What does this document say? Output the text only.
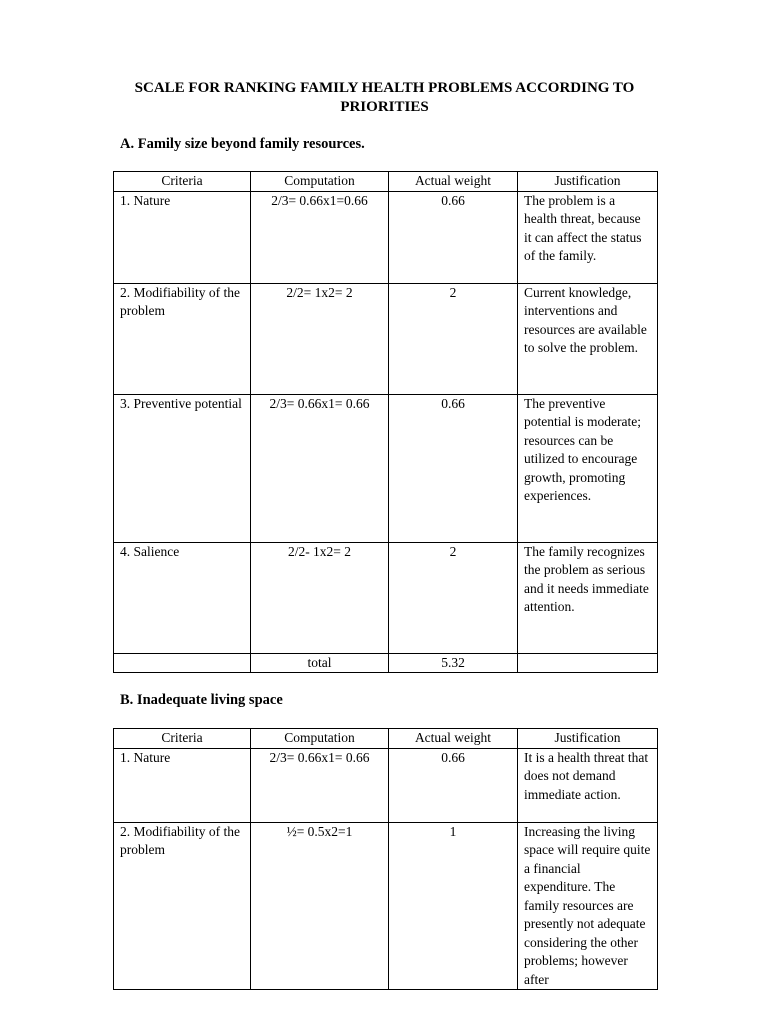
SCALE FOR RANKING FAMILY HEALTH PROBLEMS ACCORDING TO PRIORITIES
A. Family size beyond family resources.
Criteria	Computation	Actual weight	Justification
1. Nature	2/3= 0.66x1=0.66	0.66	The problem is a health threat, because it can affect the status of the family.
2. Modifiability of the problem	2/2= 1x2= 2	2	Current knowledge, interventions and resources are available to solve the problem.
3. Preventive potential	2/3= 0.66x1= 0.66	0.66	The preventive potential is moderate; resources can be utilized to encourage growth, promoting experiences.
4. Salience	2/2- 1x2= 2	2	The family recognizes the problem as serious and it needs immediate attention.
	total	5.32	
B. Inadequate living space
Criteria	Computation	Actual weight	Justification
1. Nature	2/3= 0.66x1= 0.66	0.66	It is a health threat that does not demand immediate action.
2. Modifiability of the problem	½= 0.5x2=1	1	Increasing the living space will require quite a financial expenditure. The family resources are presently not adequate considering the other problems; however after
